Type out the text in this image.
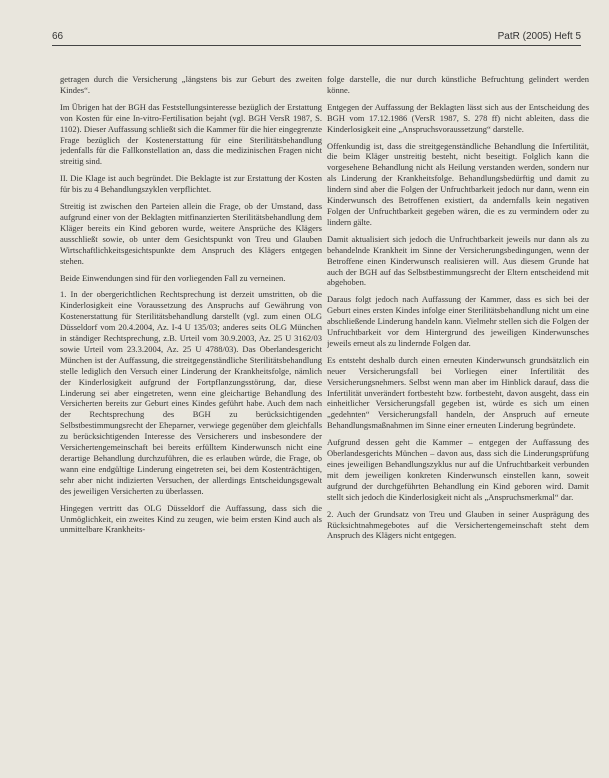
66	PatR (2005) Heft 5

getragen durch die Versicherung „längstens bis zur Geburt des zweiten Kindes“.

Im Übrigen hat der BGH das Feststellungsinteresse bezüglich der Erstattung von Kosten für eine In-vitro-Fertilisation bejaht (vgl. BGH VersR 1987, S. 1102). Dieser Auffassung schließt sich die Kammer für die hier eingegrenzte Frage bezüglich der Kostenerstattung für eine Sterilitätsbehandlung jedenfalls für die Fallkonstellation an, dass die medizinischen Fragen nicht streitig sind.

II. Die Klage ist auch begründet. Die Beklagte ist zur Erstattung der Kosten für bis zu 4 Behandlungszyklen verpflichtet.

Streitig ist zwischen den Parteien allein die Frage, ob der Umstand, dass aufgrund einer von der Beklagten mitfinanzierten Sterilitätsbehandlung dem Kläger bereits ein Kind geboren wurde, weitere Ansprüche des Klägers ausschließt sowie, ob unter dem Gesichtspunkt von Treu und Glauben Wirtschaftlichkeitsgesichtspunkte dem Anspruch des Klägers entgegen stehen.

Beide Einwendungen sind für den vorliegenden Fall zu verneinen.

1. In der obergerichtlichen Rechtsprechung ist derzeit umstritten, ob die Kinderlosigkeit eine Voraussetzung des Anspruchs auf Gewährung von Kostenerstattung für Sterilitätsbehandlung darstellt (vgl. zum einen OLG Düsseldorf vom 20.4.2004, Az. I-4 U 135/03; anderes seits OLG München in ständiger Rechtsprechung, z.B. Urteil vom 30.9.2003, Az. 25 U 3162/03 sowie Urteil vom 23.3.2004, Az. 25 U 4788/03). Das Oberlandesgericht München ist der Auffassung, die streitgegenständliche Sterilitätsbehandlung stelle lediglich den Versuch einer Linderung der Krankheitsfolge, nämlich der Kinderlosigkeit aufgrund der Fortpflanzungsstörung, dar, diese Linderung sei aber eingetreten, wenn eine gleichartige Behandlung des Versicherten bereits zur Geburt eines Kindes geführt habe. Auch dem nach der Rechtsprechung des BGH zu berücksichtigenden Selbstbestimmungsrecht der Eheparner, verwiege gegenüber dem gleichfalls zu berücksichtigenden Interesse des Versicherers und insbesondere der Versichertengemeinschaft bei bereits erfülltem Kinderwunsch nicht eine derartige Behandlung durchzuführen, die es erlauben würde, die Frage, ob wann eine endgültige Linderung eingetreten sei, bei dem Kostenträchtigen, sehr aber nicht indizierten Versuchen, der allerdings Entscheidungsgewalt des jeweiligen Versicherten zu überlassen.

Hingegen vertritt das OLG Düsseldorf die Auffassung, dass sich die Unmöglichkeit, ein zweites Kind zu zeugen, wie beim ersten Kind auch als unmittelbare Krankheits-

folge darstelle, die nur durch künstliche Befruchtung gelindert werden könne.

Entgegen der Auffassung der Beklagten lässt sich aus der Entscheidung des BGH vom 17.12.1986 (VersR 1987, S. 278 ff) nicht ableiten, dass die Kinderlosigkeit eine „Anspruchsvoraussetzung“ darstelle.

Offenkundig ist, dass die streitgegenständliche Behandlung die Infertilität, die beim Kläger unstreitig besteht, nicht beseitigt. Folglich kann die vorgesehene Behandlung nicht als Heilung verstanden werden, sondern nur als Linderung der Krankheitsfolge. Behandlungsbedürftig und damit zu lindern sind aber die Folgen der Unfruchtbarkeit jedoch nur dann, wenn ein Kinderwunsch des Betroffenen existiert, da andernfalls kein negativen Folgen der Unfruchtbarkeit gegeben wären, die es zu vermindern oder zu lindern gälte.

Damit aktualisiert sich jedoch die Unfruchtbarkeit jeweils nur dann als zu behandelnde Krankheit im Sinne der Versicherungsbedingungen, wenn der Betroffene einen Kinderwunsch realisieren will. Aus diesem Grunde hat auch der BGH auf das Selbstbestimmungsrecht der Eltern entscheidend mit abgehoben.

Daraus folgt jedoch nach Auffassung der Kammer, dass es sich bei der Geburt eines ersten Kindes infolge einer Sterilitätsbehandlung nicht um eine abschließende Linderung handeln kann. Vielmehr stellen sich die Folgen der Unfruchtbarkeit vor dem Hintergrund des jeweiligen Kinderwunsches jeweils erneut als zu lindernde Folgen dar.

Es entsteht deshalb durch einen erneuten Kinderwunsch grundsätzlich ein neuer Versicherungsfall bei Vorliegen einer Infertilität des Versicherungsnehmers. Selbst wenn man aber im Hinblick darauf, dass die Infertilität unverändert fortbesteht bzw. fortbesteht, davon ausgeht, dass ein einheitlicher Versicherungsfall gegeben ist, würde es sich um einen „gedehnten“ Versicherungsfall handeln, der Anspruch auf erneute Behandlungsmaßnahmen im Sinne einer erneuten Linderung begründete.

Aufgrund dessen geht die Kammer – entgegen der Auffassung des Oberlandesgerichts München – davon aus, dass sich die Linderungsprüfung eines jeweiligen Behandlungszyklus nur auf die Unfruchtbarkeit verbunden mit dem jeweiligen konkreten Kinderwunsch einstellen kann, soweit aufgrund der durchgeführten Behandlung ein Kind geboren wird. Damit stellt sich jedoch die Kinderlosigkeit nicht als „Anspruchsmerkmal“ dar.

2. Auch der Grundsatz von Treu und Glauben in seiner Ausprägung des Rücksichtnahmegebotes auf die Versichertengemeinschaft steht dem Anspruch des Klägers nicht entgegen.
